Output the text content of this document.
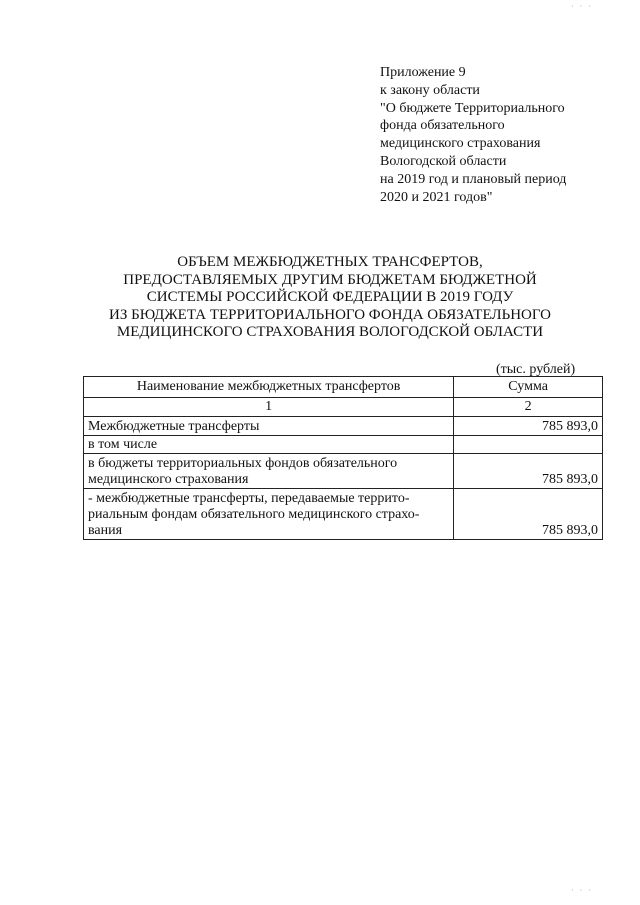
· · ·
Приложение 9
к закону области
"О бюджете Территориального
фонда обязательного
медицинского страхования
Вологодской области
на 2019 год и плановый период
2020 и 2021 годов"
ОБЪЕМ МЕЖБЮДЖЕТНЫХ ТРАНСФЕРТОВ,
ПРЕДОСТАВЛЯЕМЫХ ДРУГИМ БЮДЖЕТАМ БЮДЖЕТНОЙ
СИСТЕМЫ РОССИЙСКОЙ ФЕДЕРАЦИИ В 2019 ГОДУ
ИЗ БЮДЖЕТА ТЕРРИТОРИАЛЬНОГО ФОНДА ОБЯЗАТЕЛЬНОГО
МЕДИЦИНСКОГО СТРАХОВАНИЯ ВОЛОГОДСКОЙ ОБЛАСТИ
(тыс. рублей)
Наименование межбюджетных трансфертов	Сумма
1	2
Межбюджетные трансферты	785 893,0
в том числе	

в бюджеты территориальных фондов обязательного
медицинского страхования	785 893,0

- межбюджетные трансферты, передаваемые террито-
риальным фондам обязательного медицинского страхо-
вания	785 893,0
· · ·
